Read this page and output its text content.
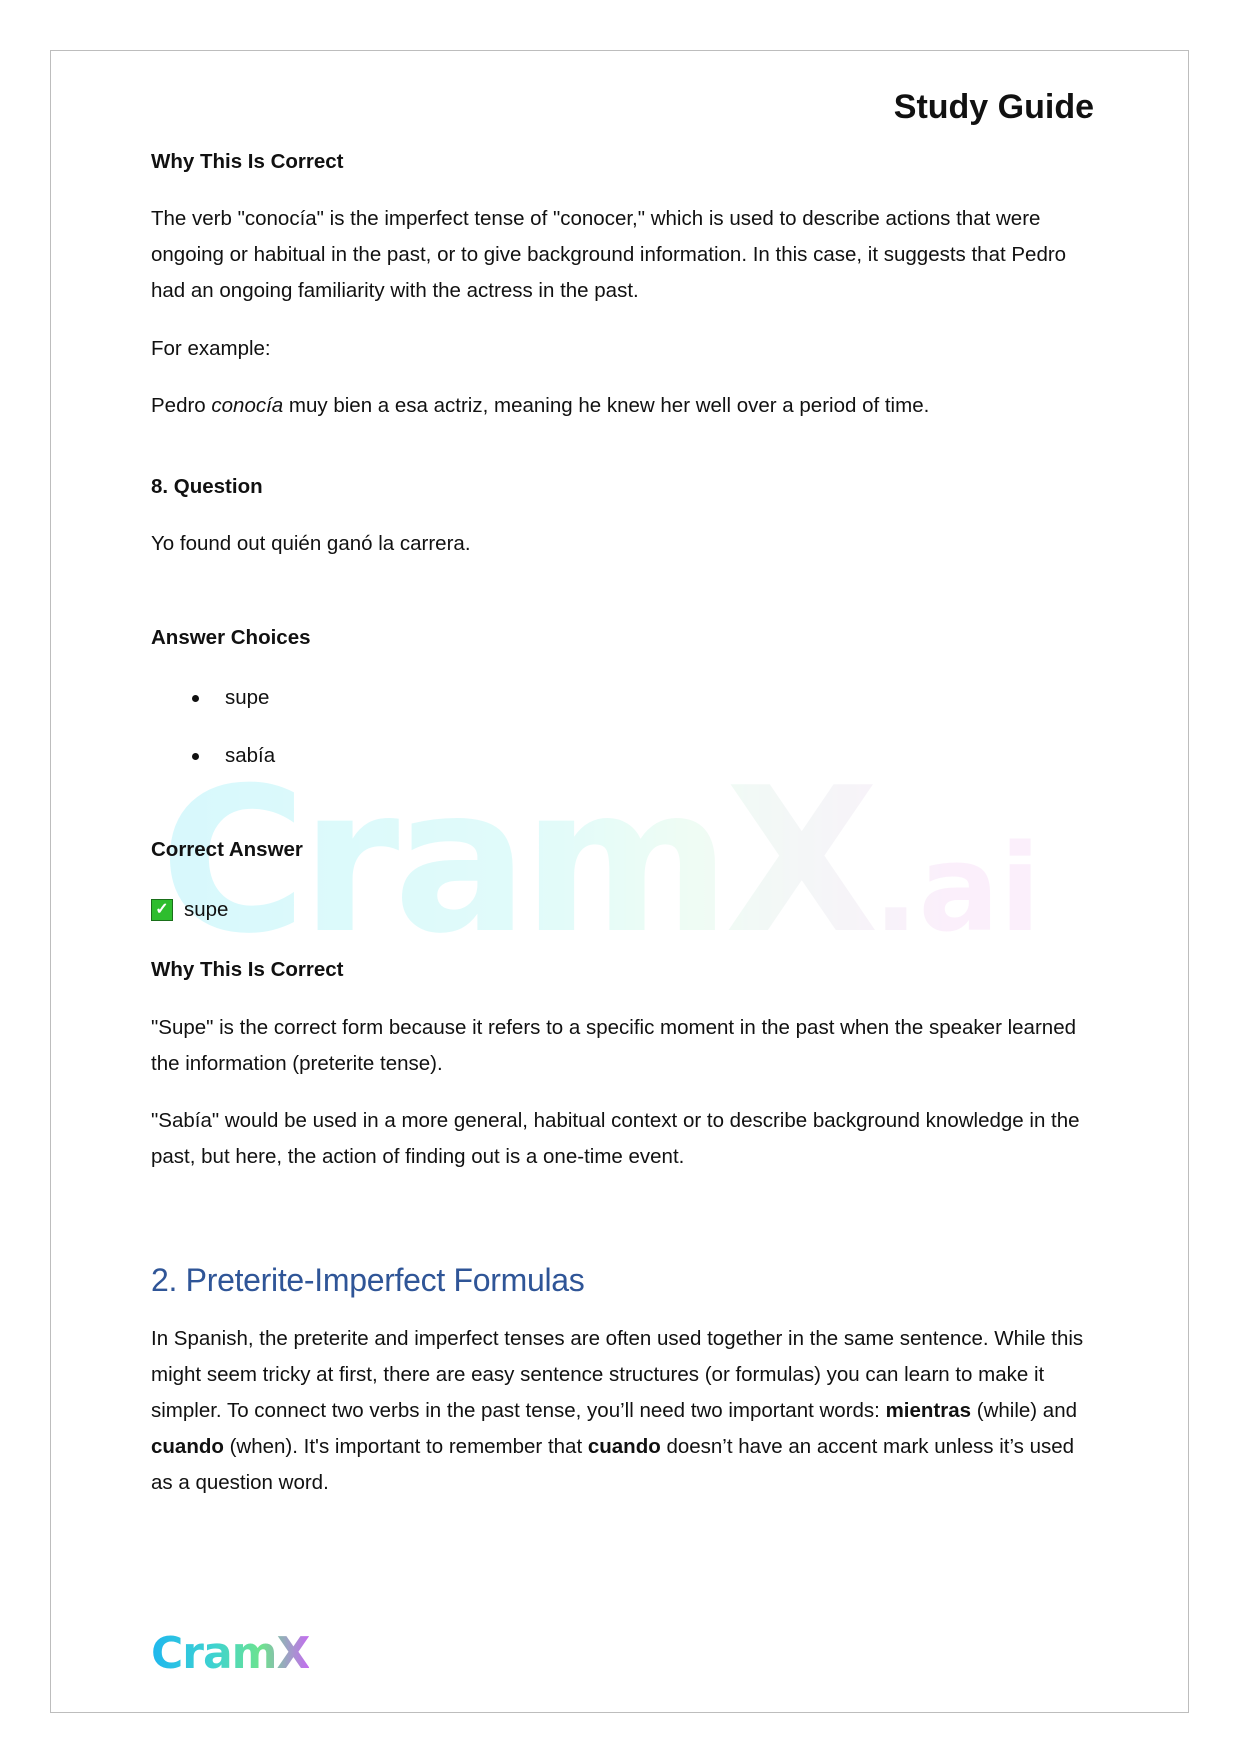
CramX.ai
Study Guide

Why This Is Correct

The verb "conocía" is the imperfect tense of "conocer," which is used to describe actions that were ongoing or habitual in the past, or to give background information. In this case, it suggests that Pedro had an ongoing familiarity with the actress in the past.

For example:

Pedro conocía muy bien a esa actriz, meaning he knew her well over a period of time.

8. Question

Yo found out quién ganó la carrera.

Answer Choices

supe
sabía

Correct Answer

✓ supe

Why This Is Correct

"Supe" is the correct form because it refers to a specific moment in the past when the speaker learned the information (preterite tense).

"Sabía" would be used in a more general, habitual context or to describe background knowledge in the past, but here, the action of finding out is a one-time event.

2. Preterite-Imperfect Formulas

In Spanish, the preterite and imperfect tenses are often used together in the same sentence. While this might seem tricky at first, there are easy sentence structures (or formulas) you can learn to make it simpler. To connect two verbs in the past tense, you’ll need two important words: mientras (while) and cuando (when). It's important to remember that cuando doesn’t have an accent mark unless it’s used as a question word.

CramX
